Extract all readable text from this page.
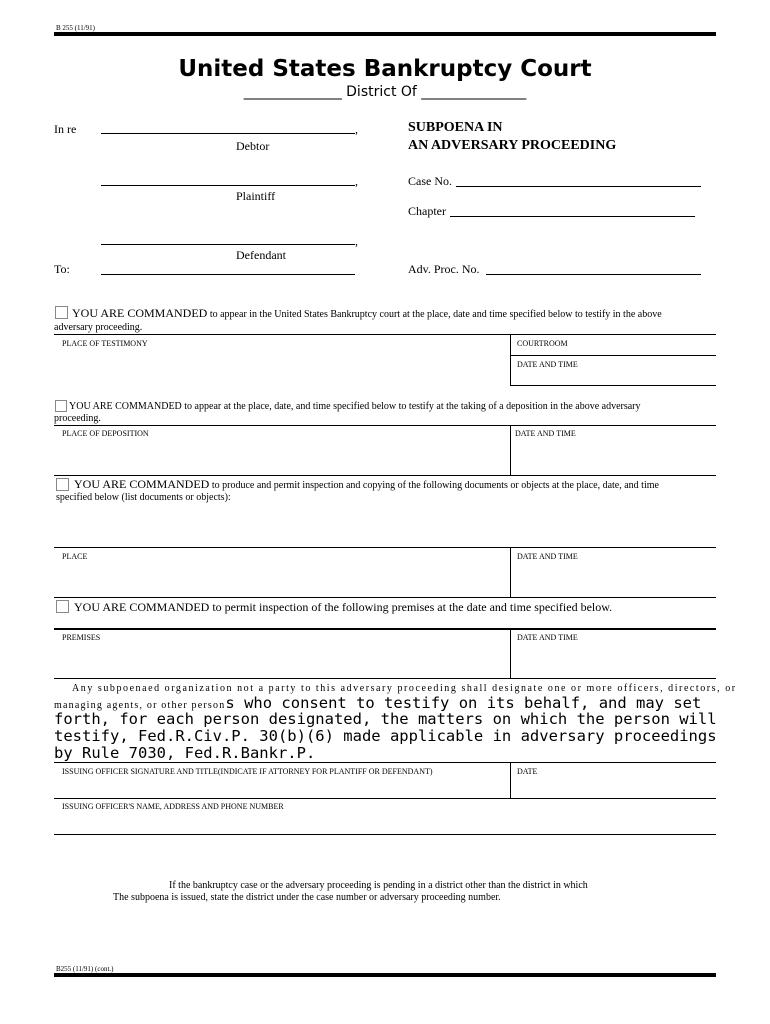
B 255 (11/91)
United States Bankruptcy Court
______________ District Of _______________
In re	,
Debtor
,
Plaintiff
,
Defendant
To:
SUBPOENA IN
AN ADVERSARY PROCEEDING
Case No.
Chapter
Adv. Proc. No.
YOU ARE COMMANDED to appear in the United States Bankruptcy court at the place, date and time specified below to testify in the above
adversary proceeding.
PLACE OF TESTIMONY	COURTROOM
DATE AND TIME
YOU ARE COMMANDED to appear at the place, date, and time specified below to testify at the taking of a deposition in the above adversary
proceeding.
PLACE OF DEPOSITION	DATE AND TIME
YOU ARE COMMANDED to produce and permit inspection and copying of the following documents or objects at the place, date, and time
specified below (list documents or objects):
PLACE	DATE AND TIME
YOU ARE COMMANDED to permit inspection of the following premises at the date and time specified below.
PREMISES	DATE AND TIME
Any subpoenaed organization not a party to this adversary proceeding shall designate one or more officers, directors, or
managing agents, or other persons who consent to testify on its behalf, and may set
forth, for each person designated, the matters on which the person will
testify, Fed.R.Civ.P. 30(b)(6) made applicable in adversary proceedings
by Rule 7030, Fed.R.Bankr.P.
ISSUING OFFICER SIGNATURE AND TITLE(INDICATE IF ATTORNEY FOR PLANTIFF OR DEFENDANT)	DATE
ISSUING OFFICER'S NAME, ADDRESS AND PHONE NUMBER
If the bankruptcy case or the adversary proceeding is pending in a district other than the district in which
The subpoena is issued, state the district under the case number or adversary proceeding number.
B255 (11/91) (cont.)
